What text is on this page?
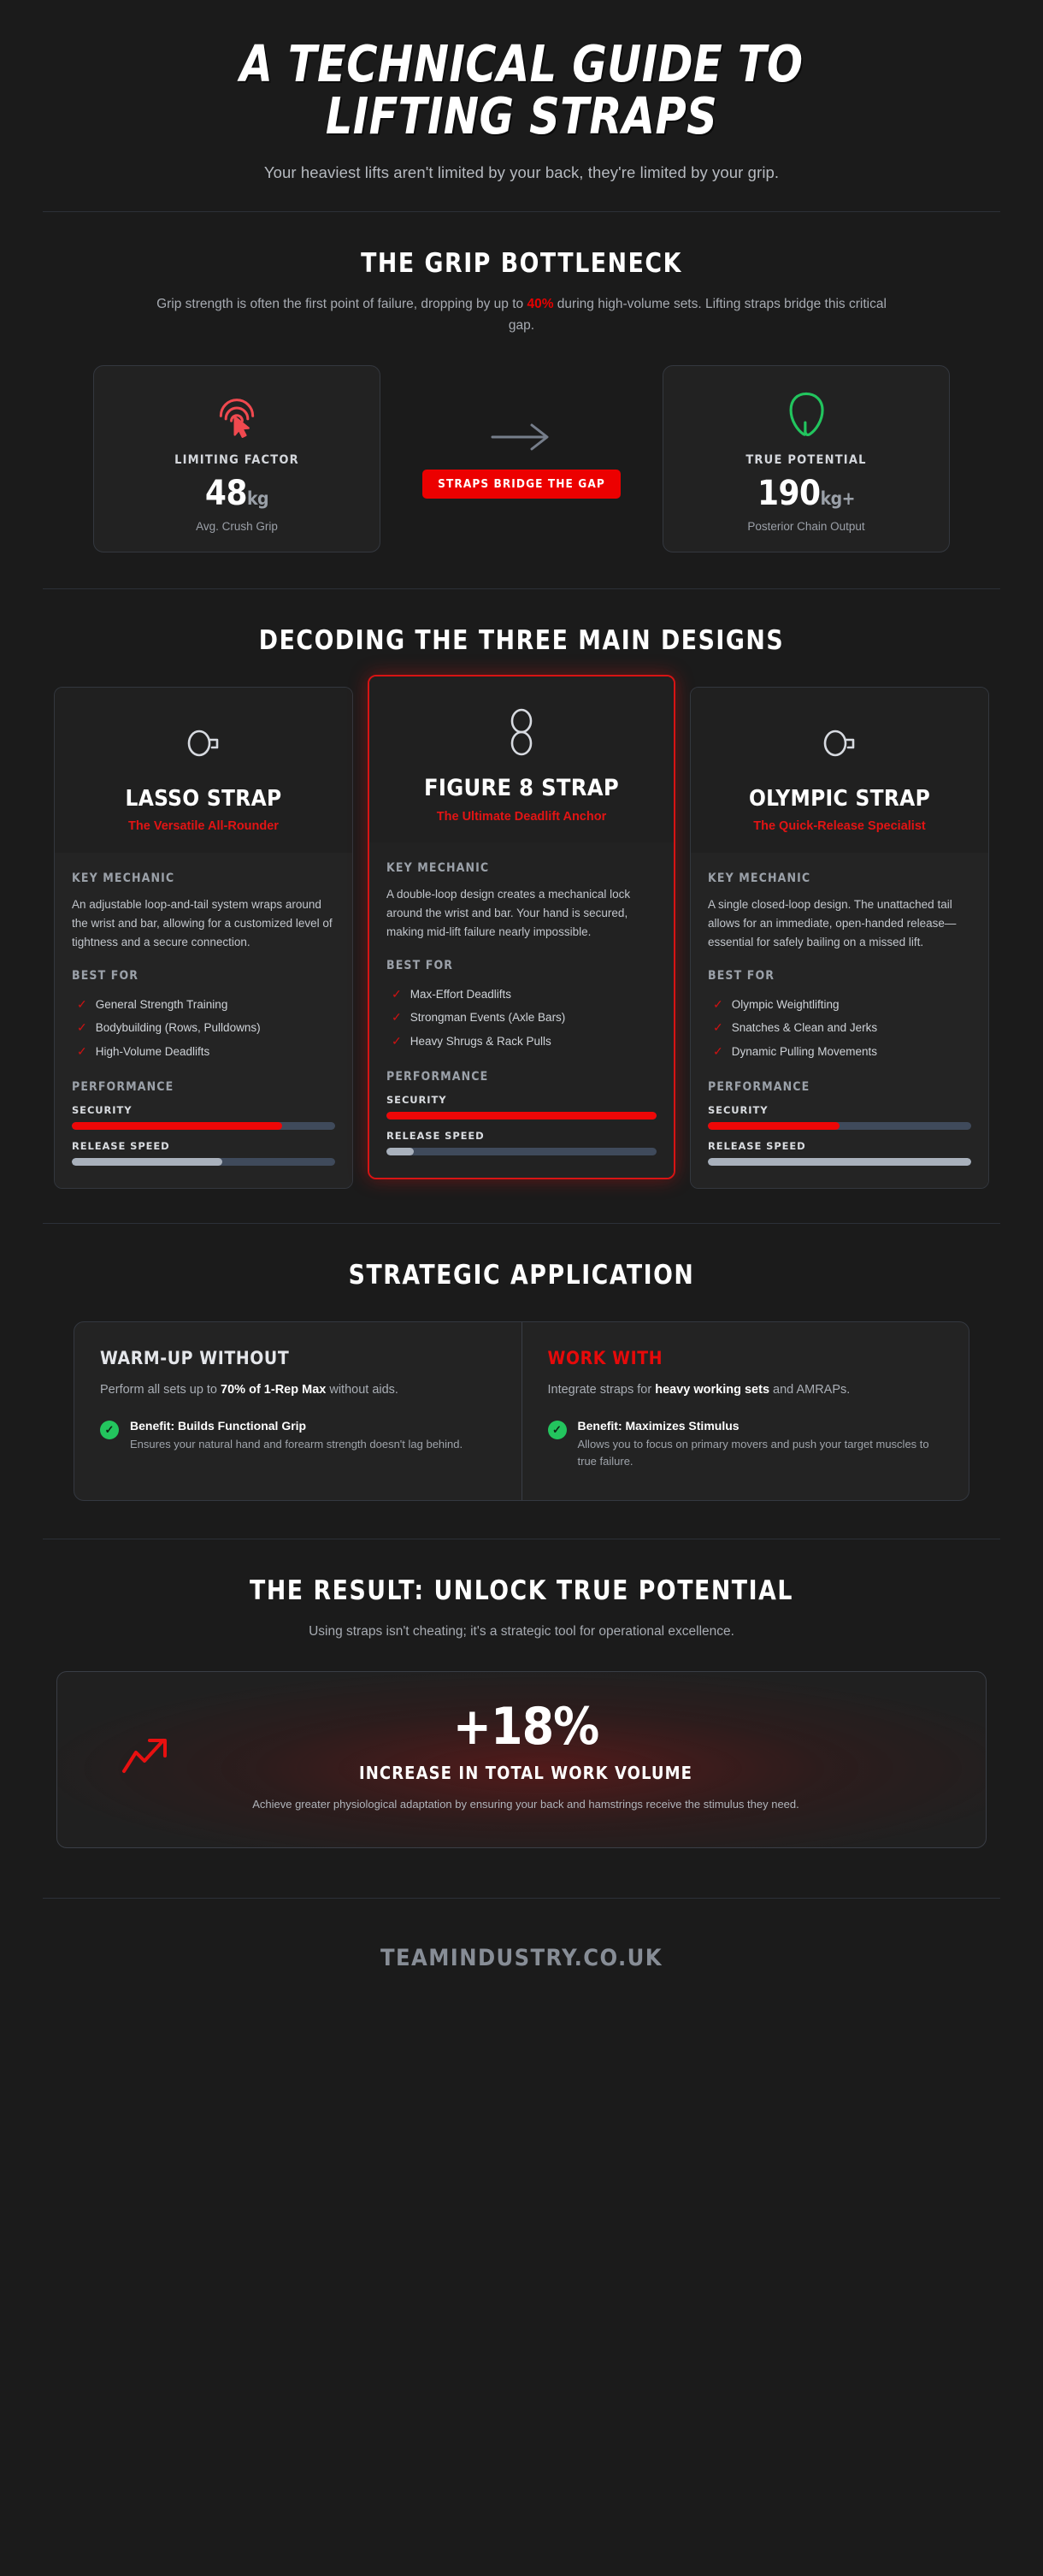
A TECHNICAL GUIDE TO
LIFTING STRAPS

Your heaviest lifts aren't limited by your back, they're limited by your grip.

THE GRIP BOTTLENECK

Grip strength is often the first point of failure, dropping by up to 40% during high-volume sets. Lifting straps bridge this critical gap.

LIMITING FACTOR
48kg
Avg. Crush Grip
STRAPS BRIDGE THE GAP
TRUE POTENTIAL
190kg+
Posterior Chain Output
DECODING THE THREE MAIN DESIGNS
LASSO STRAP
The Versatile All-Rounder
KEY MECHANIC

An adjustable loop-and-tail system wraps around the wrist and bar, allowing for a customized level of tightness and a secure connection.

BEST FOR
✓ General Strength Training
✓ Bodybuilding (Rows, Pulldowns)
✓ High-Volume Deadlifts
PERFORMANCE
SECURITY
RELEASE SPEED
FIGURE 8 STRAP
The Ultimate Deadlift Anchor
KEY MECHANIC

A double-loop design creates a mechanical lock around the wrist and bar. Your hand is secured, making mid-lift failure nearly impossible.

BEST FOR
✓ Max-Effort Deadlifts
✓ Strongman Events (Axle Bars)
✓ Heavy Shrugs & Rack Pulls
PERFORMANCE
SECURITY
RELEASE SPEED
OLYMPIC STRAP
The Quick-Release Specialist
KEY MECHANIC

A single closed-loop design. The unattached tail allows for an immediate, open-handed release—essential for safely bailing on a missed lift.

BEST FOR
✓ Olympic Weightlifting
✓ Snatches & Clean and Jerks
✓ Dynamic Pulling Movements
PERFORMANCE
SECURITY
RELEASE SPEED
STRATEGIC APPLICATION
WARM-UP WITHOUT

Perform all sets up to 70% of 1-Rep Max without aids.

✓	Benefit: Builds Functional Grip
Ensures your natural hand and forearm strength doesn't lag behind.
WORK WITH

Integrate straps for heavy working sets and AMRAPs.

✓	Benefit: Maximizes Stimulus
Allows you to focus on primary movers and push your target muscles to true failure.
THE RESULT: UNLOCK TRUE POTENTIAL

Using straps isn't cheating; it's a strategic tool for operational excellence.

+18%
INCREASE IN TOTAL WORK VOLUME
Achieve greater physiological adaptation by ensuring your back and hamstrings receive the stimulus they need.
TEAMINDUSTRY.CO.UK
